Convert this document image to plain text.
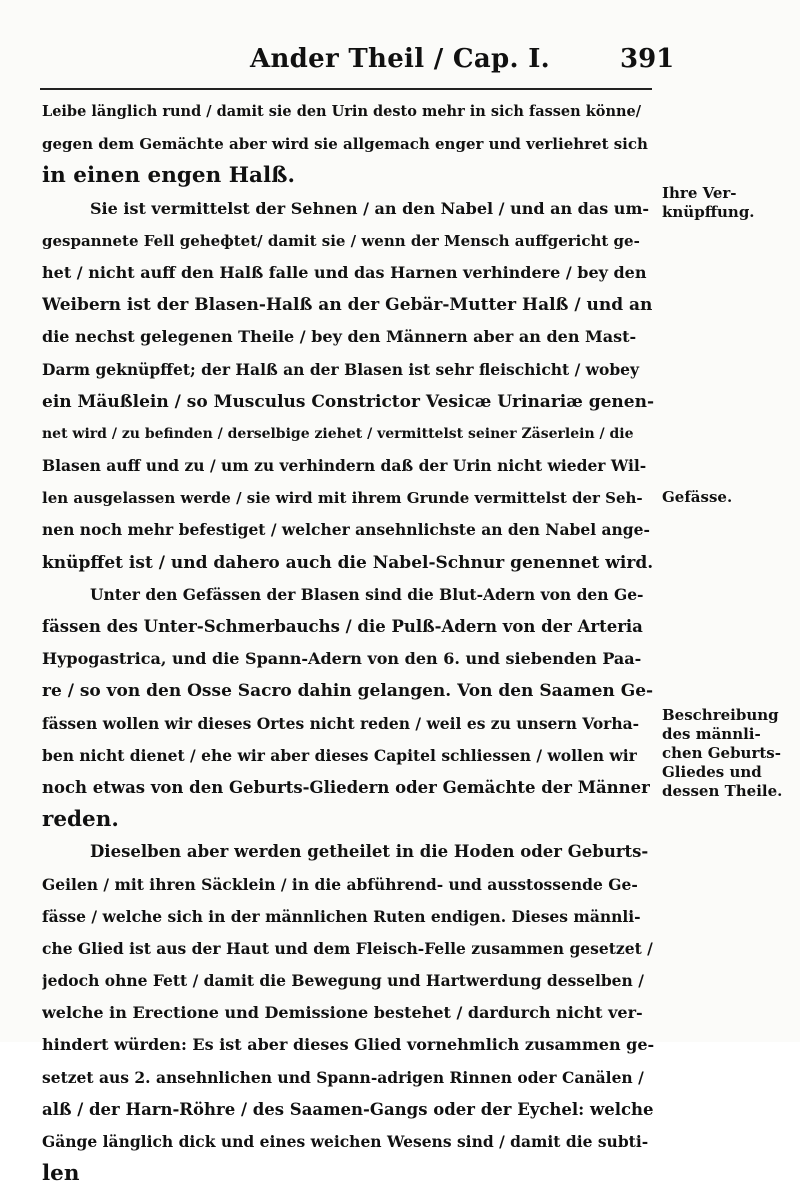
Ander Theil / Cap. I.	391
Leibe länglich rund / damit sie den Urin desto mehr in sich fassen könne/
gegen dem Gemächte aber wird sie allgemach enger und verliehret sich
in einen engen Halß.
Sie ist vermittelst der Sehnen / an den Nabel / und an das um-
gespannete Fell geheфtet/ damit sie / wenn der Mensch auffgericht ge-
het / nicht auff den Halß falle und das Harnen verhindere / bey den
Weibern ist der Blasen-Halß an der Gebär-Mutter Halß / und an
die nechst gelegenen Theile / bey den Männern aber an den Mast-
Darm geknüpffet; der Halß an der Blasen ist sehr fleischicht / wobey
ein Mäußlein / so Musculus Constrictor Vesicæ Urinariæ genen-
net wird / zu befinden / derselbige ziehet / vermittelst seiner Zäserlein / die
Blasen auff und zu / um zu verhindern daß der Urin nicht wieder Wil-
len ausgelassen werde / sie wird mit ihrem Grunde vermittelst der Seh-
nen noch mehr befestiget / welcher ansehnlichste an den Nabel ange-
knüpffet ist / und dahero auch die Nabel-Schnur genennet wird.
Unter den Gefässen der Blasen sind die Blut-Adern von den Ge-
fässen des Unter-Schmerbauchs / die Pulß-Adern von der Arteria
Hypogastrica, und die Spann-Adern von den 6. und siebenden Paa-
re / so von den Osse Sacro dahin gelangen. Von den Saamen Ge-
fässen wollen wir dieses Ortes nicht reden / weil es zu unsern Vorha-
ben nicht dienet / ehe wir aber dieses Capitel schliessen / wollen wir
noch etwas von den Geburts-Gliedern oder Gemächte der Männer
reden.
Dieselben aber werden getheilet in die Hoden oder Geburts-
Geilen / mit ihren Säcklein / in die abführend- und ausstossende Ge-
fässe / welche sich in der männlichen Ruten endigen. Dieses männli-
che Glied ist aus der Haut und dem Fleisch-Felle zusammen gesetzet /
jedoch ohne Fett / damit die Bewegung und Hartwerdung desselben /
welche in Erectione und Demissione bestehet / dardurch nicht ver-
hindert würden: Es ist aber dieses Glied vornehmlich zusammen ge-
setzet aus 2. ansehnlichen und Spann-adrigen Rinnen oder Canälen /
alß / der Harn-Röhre / des Saamen-Gangs oder der Eychel: welche
Gänge länglich dick und eines weichen Wesens sind / damit die subti-
len
Ihre Ver-
knüpffung.
Gefässe.
Beschreibung
des männli-
chen Geburts-
Gliedes und
dessen Theile.
